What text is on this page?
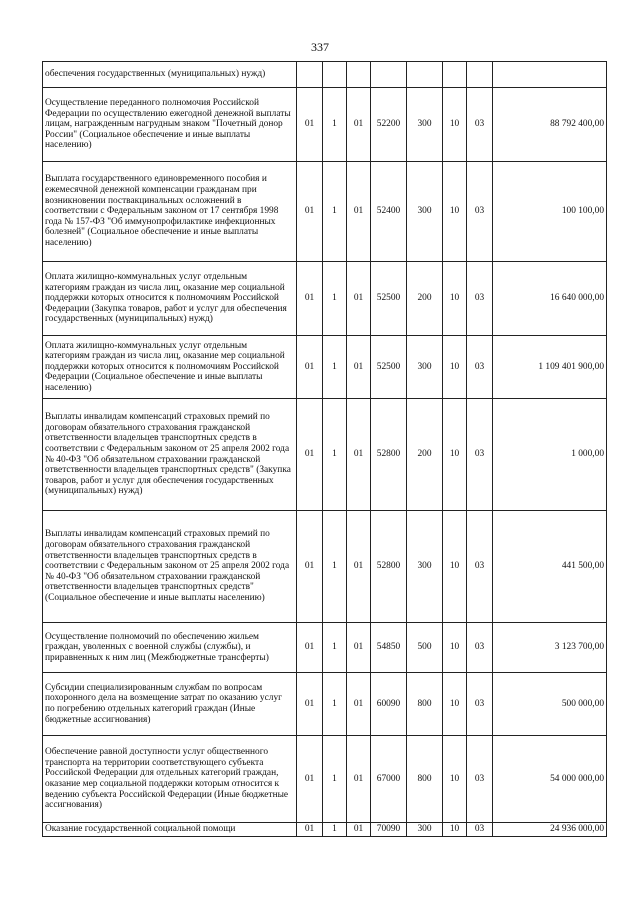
337
обеспечения государственных (муниципальных) нужд)								
Осуществление переданного полномочия Российской Федерации по осуществлению ежегодной денежной выплаты лицам, награжденным нагрудным знаком "Почетный донор России" (Социальное обеспечение и иные выплаты населению)	01	1	01	52200	300	10	03	88 792 400,00
Выплата государственного единовременного пособия и ежемесячной денежной компенсации гражданам при возникновении поствакцинальных осложнений в соответствии с Федеральным законом от 17 сентября 1998 года № 157-ФЗ "Об иммунопрофилактике инфекционных болезней" (Социальное обеспечение и иные выплаты населению)	01	1	01	52400	300	10	03	100 100,00
Оплата жилищно-коммунальных услуг отдельным категориям граждан из числа лиц, оказание мер социальной поддержки которых относится к полномочиям Российской Федерации (Закупка товаров, работ и услуг для обеспечения государственных (муниципальных) нужд)	01	1	01	52500	200	10	03	16 640 000,00
Оплата жилищно-коммунальных услуг отдельным категориям граждан из числа лиц, оказание мер социальной поддержки которых относится к полномочиям Российской Федерации (Социальное обеспечение и иные выплаты населению)	01	1	01	52500	300	10	03	1 109 401 900,00
Выплаты инвалидам компенсаций страховых премий по договорам обязательного страхования гражданской ответственности владельцев транспортных средств в соответствии с Федеральным законом от 25 апреля 2002 года № 40-ФЗ "Об обязательном страховании гражданской ответственности владельцев транспортных средств" (Закупка товаров, работ и услуг для обеспечения государственных (муниципальных) нужд)	01	1	01	52800	200	10	03	1 000,00
Выплаты инвалидам компенсаций страховых премий по договорам обязательного страхования гражданской ответственности владельцев транспортных средств в соответствии с Федеральным законом от 25 апреля 2002 года № 40-ФЗ "Об обязательном страховании гражданской ответственности владельцев транспортных средств" (Социальное обеспечение и иные выплаты населению)	01	1	01	52800	300	10	03	441 500,00
Осуществление полномочий по обеспечению жильем граждан, уволенных с военной службы (службы), и приравненных к ним лиц (Межбюджетные трансферты)	01	1	01	54850	500	10	03	3 123 700,00
Субсидии специализированным службам по вопросам похоронного дела на возмещение затрат по оказанию услуг по погребению отдельных категорий граждан (Иные бюджетные ассигнования)	01	1	01	60090	800	10	03	500 000,00
Обеспечение равной доступности услуг общественного транспорта на территории соответствующего субъекта Российской Федерации для отдельных категорий граждан, оказание мер социальной поддержки которым относится к ведению субъекта Российской Федерации (Иные бюджетные ассигнования)	01	1	01	67000	800	10	03	54 000 000,00
Оказание государственной социальной помощи	01	1	01	70090	300	10	03	24 936 000,00
